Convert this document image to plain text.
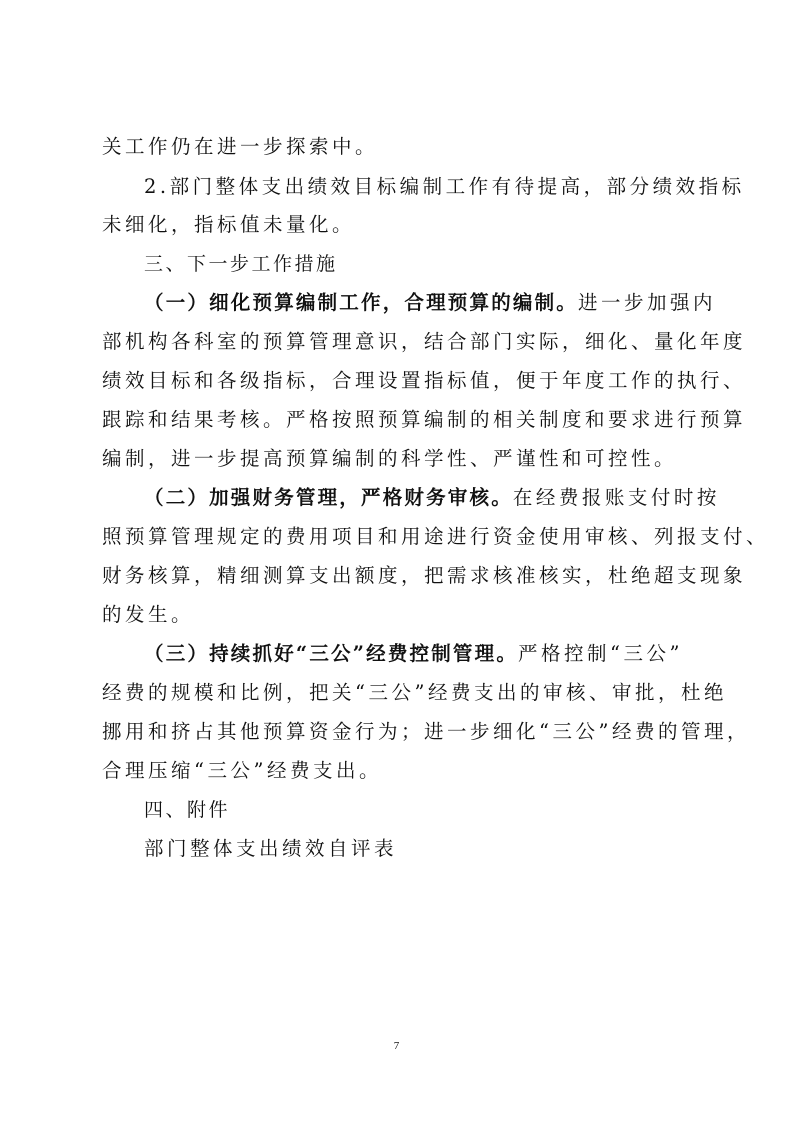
关工作仍在进一步探索中。
2.部门整体支出绩效目标编制工作有待提高，部分绩效指标
未细化，指标值未量化。
三、下一步工作措施
（一）细化预算编制工作，合理预算的编制。进一步加强内
部机构各科室的预算管理意识，结合部门实际，细化、量化年度
绩效目标和各级指标，合理设置指标值，便于年度工作的执行、
跟踪和结果考核。严格按照预算编制的相关制度和要求进行预算
编制，进一步提高预算编制的科学性、严谨性和可控性。
（二）加强财务管理，严格财务审核。在经费报账支付时按
照预算管理规定的费用项目和用途进行资金使用审核、列报支付、
财务核算，精细测算支出额度，把需求核准核实，杜绝超支现象
的发生。
（三）持续抓好“三公”经费控制管理。严格控制“三公”
经费的规模和比例，把关“三公”经费支出的审核、审批，杜绝
挪用和挤占其他预算资金行为；进一步细化“三公”经费的管理，
合理压缩“三公”经费支出。
四、附件
部门整体支出绩效自评表
7
